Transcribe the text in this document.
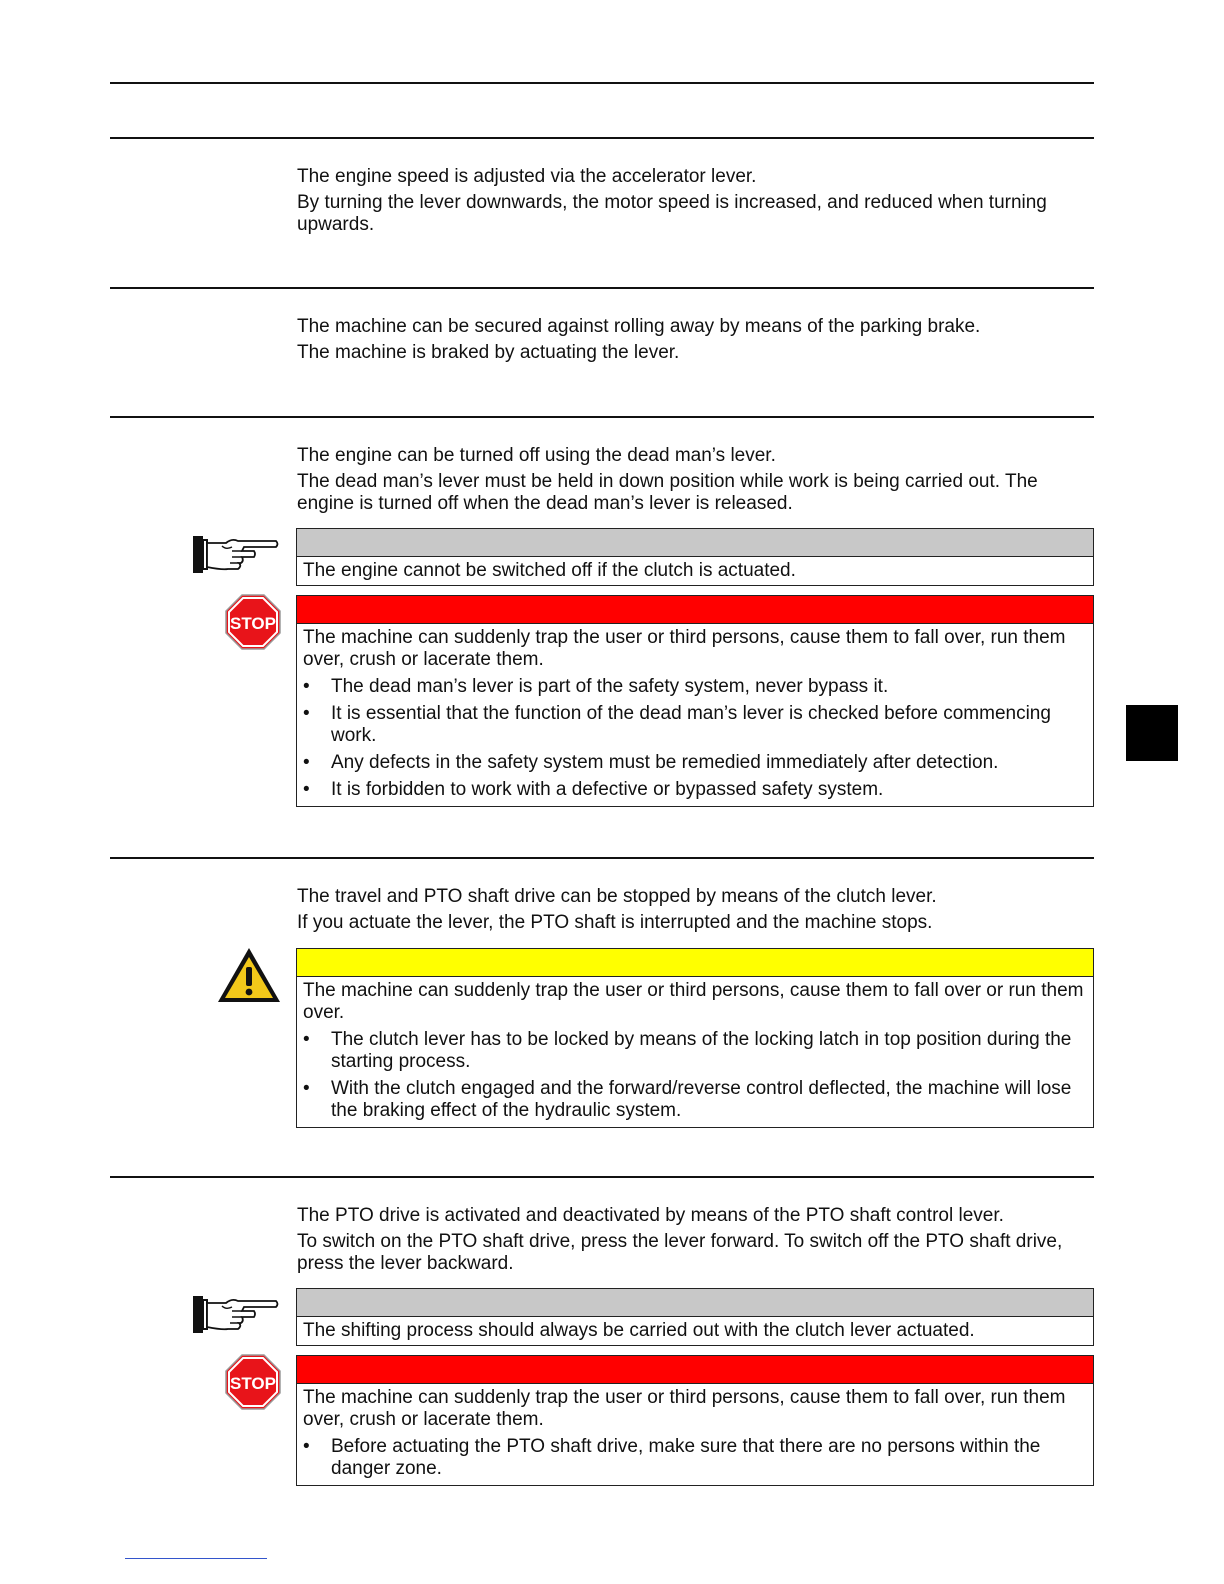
The engine speed is adjusted via the accelerator lever.

By turning the lever downwards, the motor speed is increased, and reduced when turning upwards.

The machine can be secured against rolling away by means of the parking brake.

The machine is braked by actuating the lever.

The engine can be turned off using the dead man’s lever.

The dead man’s lever must be held in down position while work is being carried out. The engine is turned off when the dead man’s lever is released.

The engine cannot be switched off if the clutch is actuated.

STOP

The machine can suddenly trap the user or third persons, cause them to fall over, run them over, crush or lacerate them.

• The dead man’s lever is part of the safety system, never bypass it.
• It is essential that the function of the dead man’s lever is checked before commencing work.
• Any defects in the safety system must be remedied immediately after detection.
• It is forbidden to work with a defective or bypassed safety system.

The travel and PTO shaft drive can be stopped by means of the clutch lever.

If you actuate the lever, the PTO shaft is interrupted and the machine stops.

The machine can suddenly trap the user or third persons, cause them to fall over or run them over.

• The clutch lever has to be locked by means of the locking latch in top position during the starting process.
• With the clutch engaged and the forward/reverse control deflected, the machine will lose the braking effect of the hydraulic system.

The PTO drive is activated and deactivated by means of the PTO shaft control lever.

To switch on the PTO shaft drive, press the lever forward. To switch off the PTO shaft drive, press the lever backward.

The shifting process should always be carried out with the clutch lever actuated.

STOP

The machine can suddenly trap the user or third persons, cause them to fall over, run them over, crush or lacerate them.

• Before actuating the PTO shaft drive, make sure that there are no persons within the danger zone.
